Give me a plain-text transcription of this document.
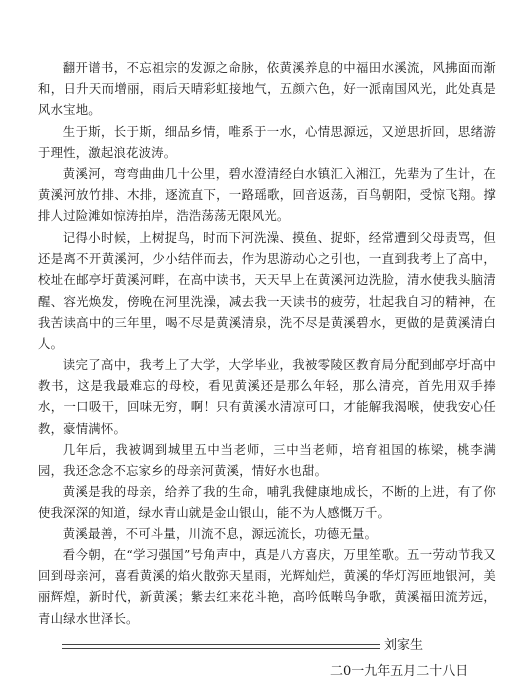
翻开谱书，不忘祖宗的发源之命脉，依黄溪养息的中福田水溪流，风拂面而渐和，日升天而增丽，雨后天晴彩虹接地气，五颜六色，好一派南国风光，此处真是风水宝地。

生于斯，长于斯，细品乡情，唯系于一水，心情思源远，又逆思折回，思绪游于理性，激起浪花波涛。

黄溪河，弯弯曲曲几十公里，碧水澄清经白水镇汇入湘江，先辈为了生计，在黄溪河放竹排、木排，逐流直下，一路瑶歌，回音返荡，百鸟朝阳，受惊飞翔。撑排人过险滩如惊涛拍岸，浩浩荡荡无限风光。

记得小时候，上树捉鸟，时而下河洗澡、摸鱼、捉虾，经常遭到父母责骂，但还是离不开黄溪河，少小结伴而去，作为思游动心之引也，一直到我考上了高中，校址在邮亭圩黄溪河畔，在高中读书，天天早上在黄溪河边洗脸，清水使我头脑清醒、容光焕发，傍晚在河里洗澡，减去我一天读书的疲劳，壮起我自习的精神，在我苦读高中的三年里，喝不尽是黄溪清泉，洗不尽是黄溪碧水，更做的是黄溪清白人。

读完了高中，我考上了大学，大学毕业，我被零陵区教育局分配到邮亭圩高中教书，这是我最难忘的母校，看见黄溪还是那么年轻，那么清亮，首先用双手捧水，一口吸干，回味无穷，啊！只有黄溪水清凉可口，才能解我渴喉，使我安心任教，豪情满怀。

几年后，我被调到城里五中当老师，三中当老师，培育祖国的栋梁，桃李满园，我还念念不忘家乡的母亲河黄溪，情好水也甜。

黄溪是我的母亲，给养了我的生命，哺乳我健康地成长，不断的上进，有了你使我深深的知道，绿水青山就是金山银山，能不为人感慨万千。

黄溪最善，不可斗量，川流不息，源远流长，功德无量。

看今朝，在“学习强国”号角声中，真是八方喜庆，万里笙歌。五一劳动节我又回到母亲河，喜看黄溪的焰火散弥天星雨，光辉灿烂，黄溪的华灯泻匝地银河，美丽辉煌，新时代，新黄溪；紫去红来花斗艳，高吟低啭鸟争歌，黄溪福田流芳远，青山绿水世泽长。

刘家生
二0一九年五月二十八日
